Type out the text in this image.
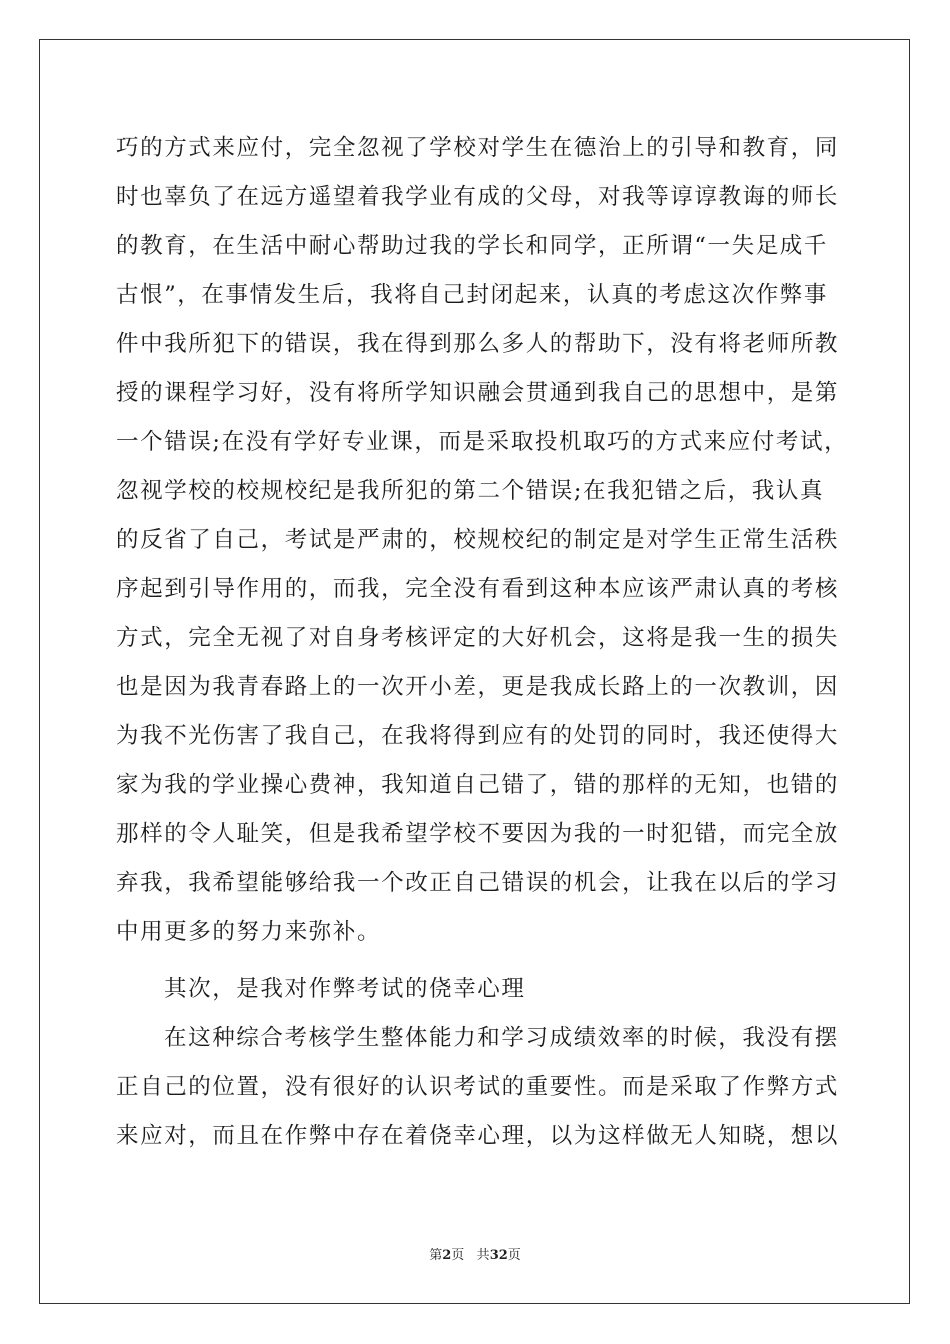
巧的方式来应付，完全忽视了学校对学生在德治上的引导和教育，同
时也辜负了在远方遥望着我学业有成的父母，对我等谆谆教诲的师长
的教育，在生活中耐心帮助过我的学长和同学，正所谓“一失足成千
古恨”，在事情发生后，我将自己封闭起来，认真的考虑这次作弊事
件中我所犯下的错误，我在得到那么多人的帮助下，没有将老师所教
授的课程学习好，没有将所学知识融会贯通到我自己的思想中，是第
一个错误;在没有学好专业课，而是采取投机取巧的方式来应付考试，
忽视学校的校规校纪是我所犯的第二个错误;在我犯错之后，我认真
的反省了自己，考试是严肃的，校规校纪的制定是对学生正常生活秩
序起到引导作用的，而我，完全没有看到这种本应该严肃认真的考核
方式，完全无视了对自身考核评定的大好机会，这将是我一生的损失
也是因为我青春路上的一次开小差，更是我成长路上的一次教训，因
为我不光伤害了我自己，在我将得到应有的处罚的同时，我还使得大
家为我的学业操心费神，我知道自己错了，错的那样的无知，也错的
那样的令人耻笑，但是我希望学校不要因为我的一时犯错，而完全放
弃我，我希望能够给我一个改正自己错误的机会，让我在以后的学习
中用更多的努力来弥补。
其次，是我对作弊考试的侥幸心理
在这种综合考核学生整体能力和学习成绩效率的时候，我没有摆
正自己的位置，没有很好的认识考试的重要性。而是采取了作弊方式
来应对，而且在作弊中存在着侥幸心理，以为这样做无人知晓，想以
第2页 共32页
